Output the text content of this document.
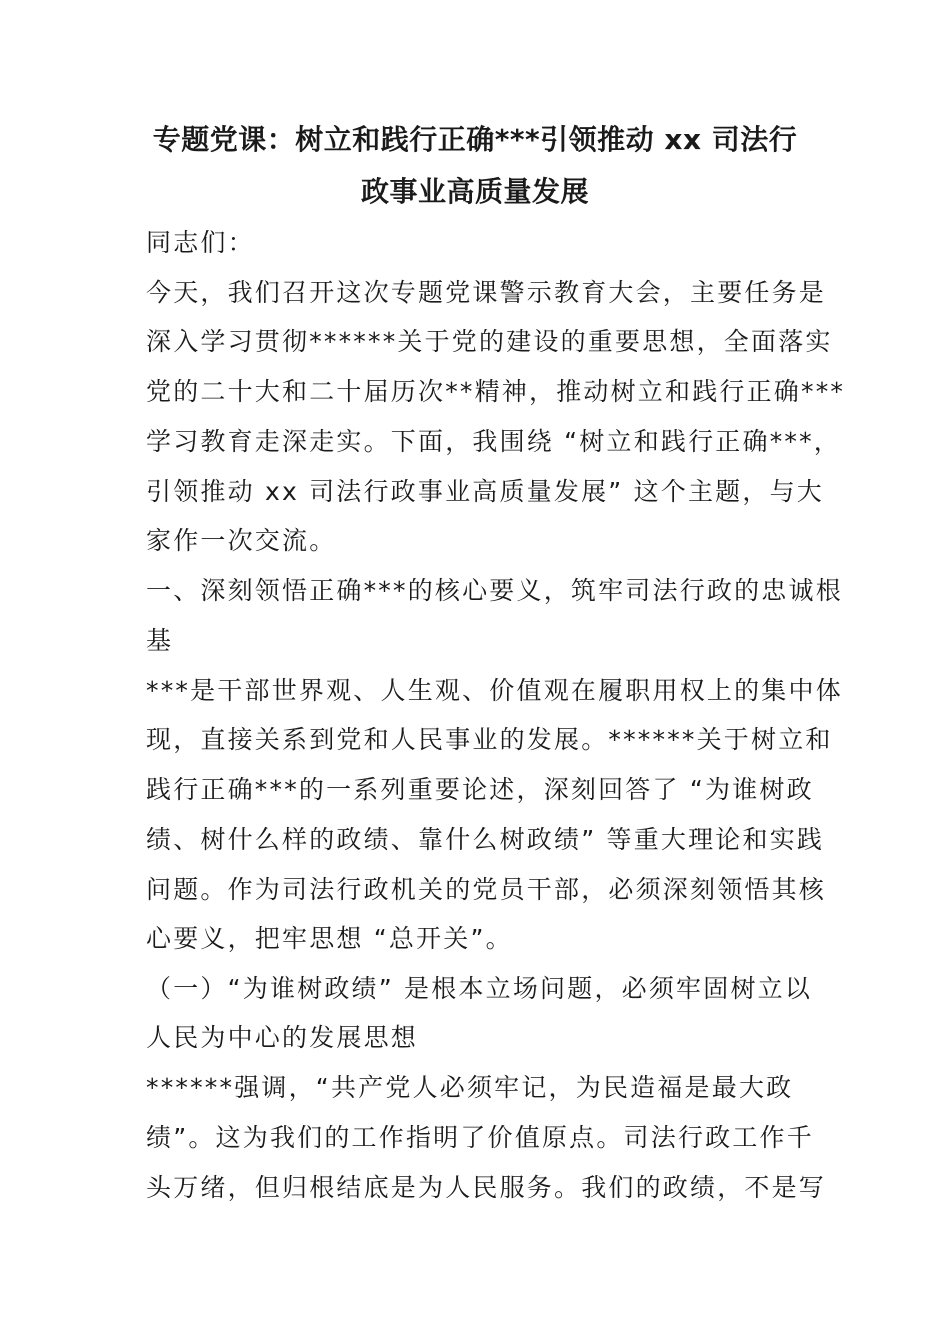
专题党课：树立和践行正确***引领推动 xx 司法行
政事业高质量发展
同志们：
今天，我们召开这次专题党课警示教育大会，主要任务是
深入学习贯彻******关于党的建设的重要思想，全面落实
党的二十大和二十届历次**精神，推动树立和践行正确***
学习教育走深走实。下面，我围绕 “树立和践行正确***，
引领推动 xx 司法行政事业高质量发展” 这个主题，与大
家作一次交流。
一、深刻领悟正确***的核心要义，筑牢司法行政的忠诚根
基
***是干部世界观、人生观、价值观在履职用权上的集中体
现，直接关系到党和人民事业的发展。******关于树立和
践行正确***的一系列重要论述，深刻回答了 “为谁树政
绩、树什么样的政绩、靠什么树政绩” 等重大理论和实践
问题。作为司法行政机关的党员干部，必须深刻领悟其核
心要义，把牢思想 “总开关”。
（一）“为谁树政绩” 是根本立场问题，必须牢固树立以
人民为中心的发展思想
******强调，“共产党人必须牢记，为民造福是最大政
绩”。这为我们的工作指明了价值原点。司法行政工作千
头万绪，但归根结底是为人民服务。我们的政绩，不是写
